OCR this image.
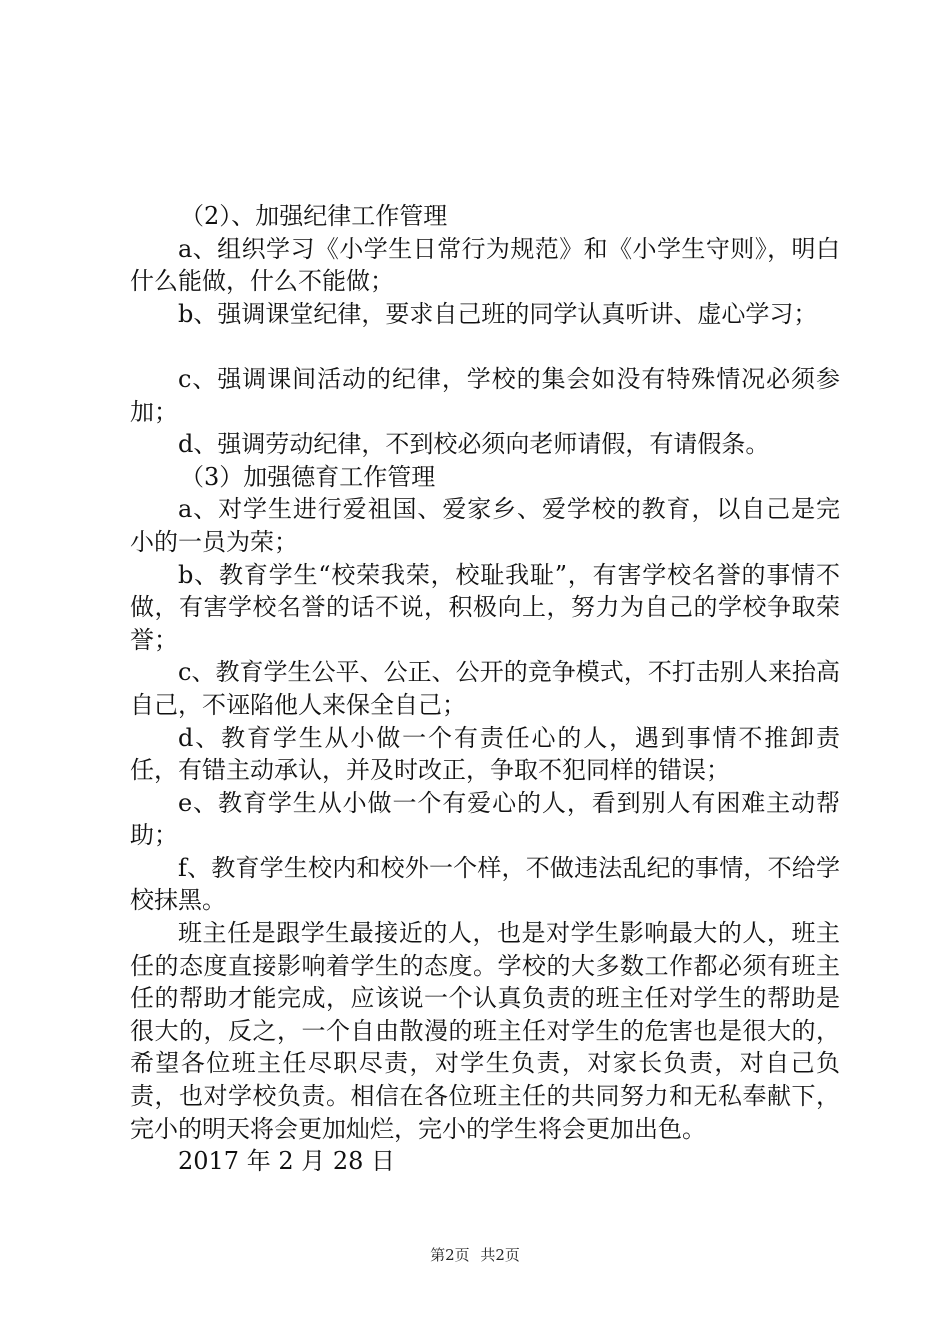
（2）、加强纪律工作管理

a、组织学习《小学生日常行为规范》和《小学生守则》，明白什么能做，什么不能做；

b、强调课堂纪律，要求自己班的同学认真听讲、虚心学习；

c、强调课间活动的纪律，学校的集会如没有特殊情况必须参加；

d、强调劳动纪律，不到校必须向老师请假，有请假条。

（3）加强德育工作管理

a、对学生进行爱祖国、爱家乡、爱学校的教育，以自己是完小的一员为荣；

b、教育学生“校荣我荣，校耻我耻”，有害学校名誉的事情不做，有害学校名誉的话不说，积极向上，努力为自己的学校争取荣誉；

c、教育学生公平、公正、公开的竞争模式，不打击别人来抬高自己，不诬陷他人来保全自己；

d、教育学生从小做一个有责任心的人，遇到事情不推卸责任，有错主动承认，并及时改正，争取不犯同样的错误；

e、教育学生从小做一个有爱心的人，看到别人有困难主动帮助；

f、教育学生校内和校外一个样，不做违法乱纪的事情，不给学校抹黑。

班主任是跟学生最接近的人，也是对学生影响最大的人，班主任的态度直接影响着学生的态度。学校的大多数工作都必须有班主任的帮助才能完成，应该说一个认真负责的班主任对学生的帮助是很大的，反之，一个自由散漫的班主任对学生的危害也是很大的，希望各位班主任尽职尽责，对学生负责，对家长负责，对自己负责，也对学校负责。相信在各位班主任的共同努力和无私奉献下，完小的明天将会更加灿烂，完小的学生将会更加出色。

2017 年 2 月 28 日

第2页 共2页
